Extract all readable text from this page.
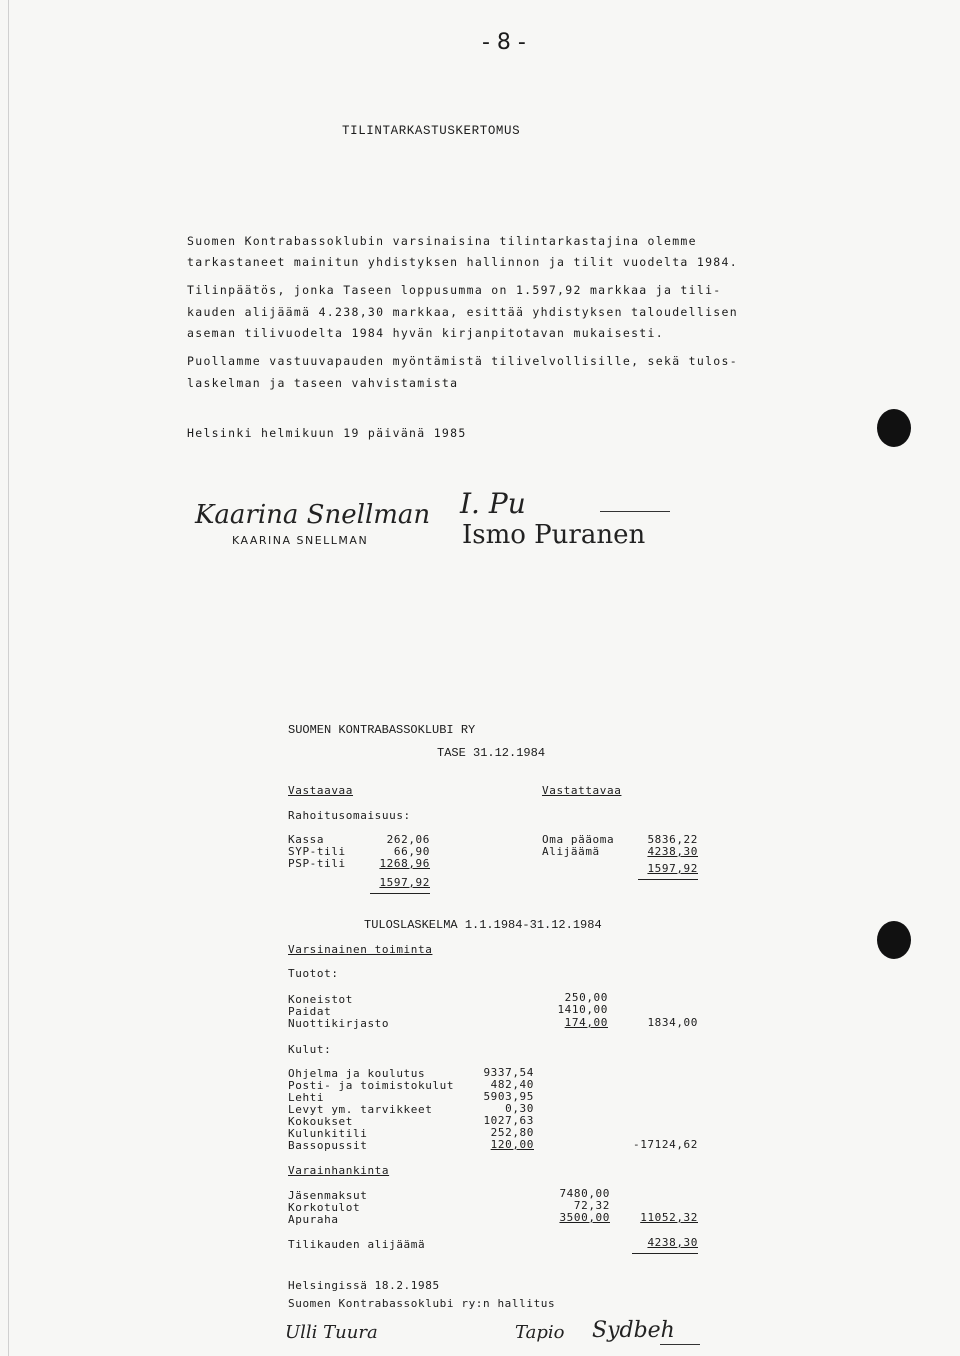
- 8 -
TILINTARKASTUSKERTOMUS
Suomen Kontrabassoklubin varsinaisina tilintarkastajina olemme
tarkastaneet mainitun yhdistyksen hallinnon ja tilit vuodelta 1984.
Tilinpäätös, jonka Taseen loppusumma on 1.597,92 markkaa ja tili-
kauden alijäämä 4.238,30 markkaa, esittää yhdistyksen taloudellisen
aseman tilivuodelta 1984 hyvän kirjanpitotavan mukaisesti.
Puollamme vastuuvapauden myöntämistä tilivelvollisille, sekä tulos-
laskelman ja taseen vahvistamista
Helsinki helmikuun 19 päivänä 1985
Kaarina Snellman
KAARINA SNELLMAN
I. Pu
Ismo Puranen
SUOMEN KONTRABASSOKLUBI RY
TASE 31.12.1984
Vastaavaa	Vastattavaa
Rahoitusomaisuus:
Kassa	262,06
SYP-tili	66,90
PSP-tili	1268,96
1597,92
Oma pääoma	5836,22
Alijäämä	4238,30
1597,92
TULOSLASKELMA 1.1.1984-31.12.1984
Varsinainen toiminta
Tuotot:
Koneistot	250,00
Paidat	1410,00
Nuottikirjasto	174,00	1834,00
Kulut:
Ohjelma ja koulutus	9337,54
Posti- ja toimistokulut	482,40
Lehti	5903,95
Levyt ym. tarvikkeet	0,30
Kokoukset	1027,63
Kulunkitili	252,80
Bassopussit	120,00	-17124,62
Varainhankinta
Jäsenmaksut	7480,00
Korkotulot	72,32
Apuraha	3500,00	11052,32
Tilikauden alijäämä	4238,30
Helsingissä 18.2.1985
Suomen Kontrabassoklubi ry:n hallitus
Ulli Tuura	Tapio Sydbeh
